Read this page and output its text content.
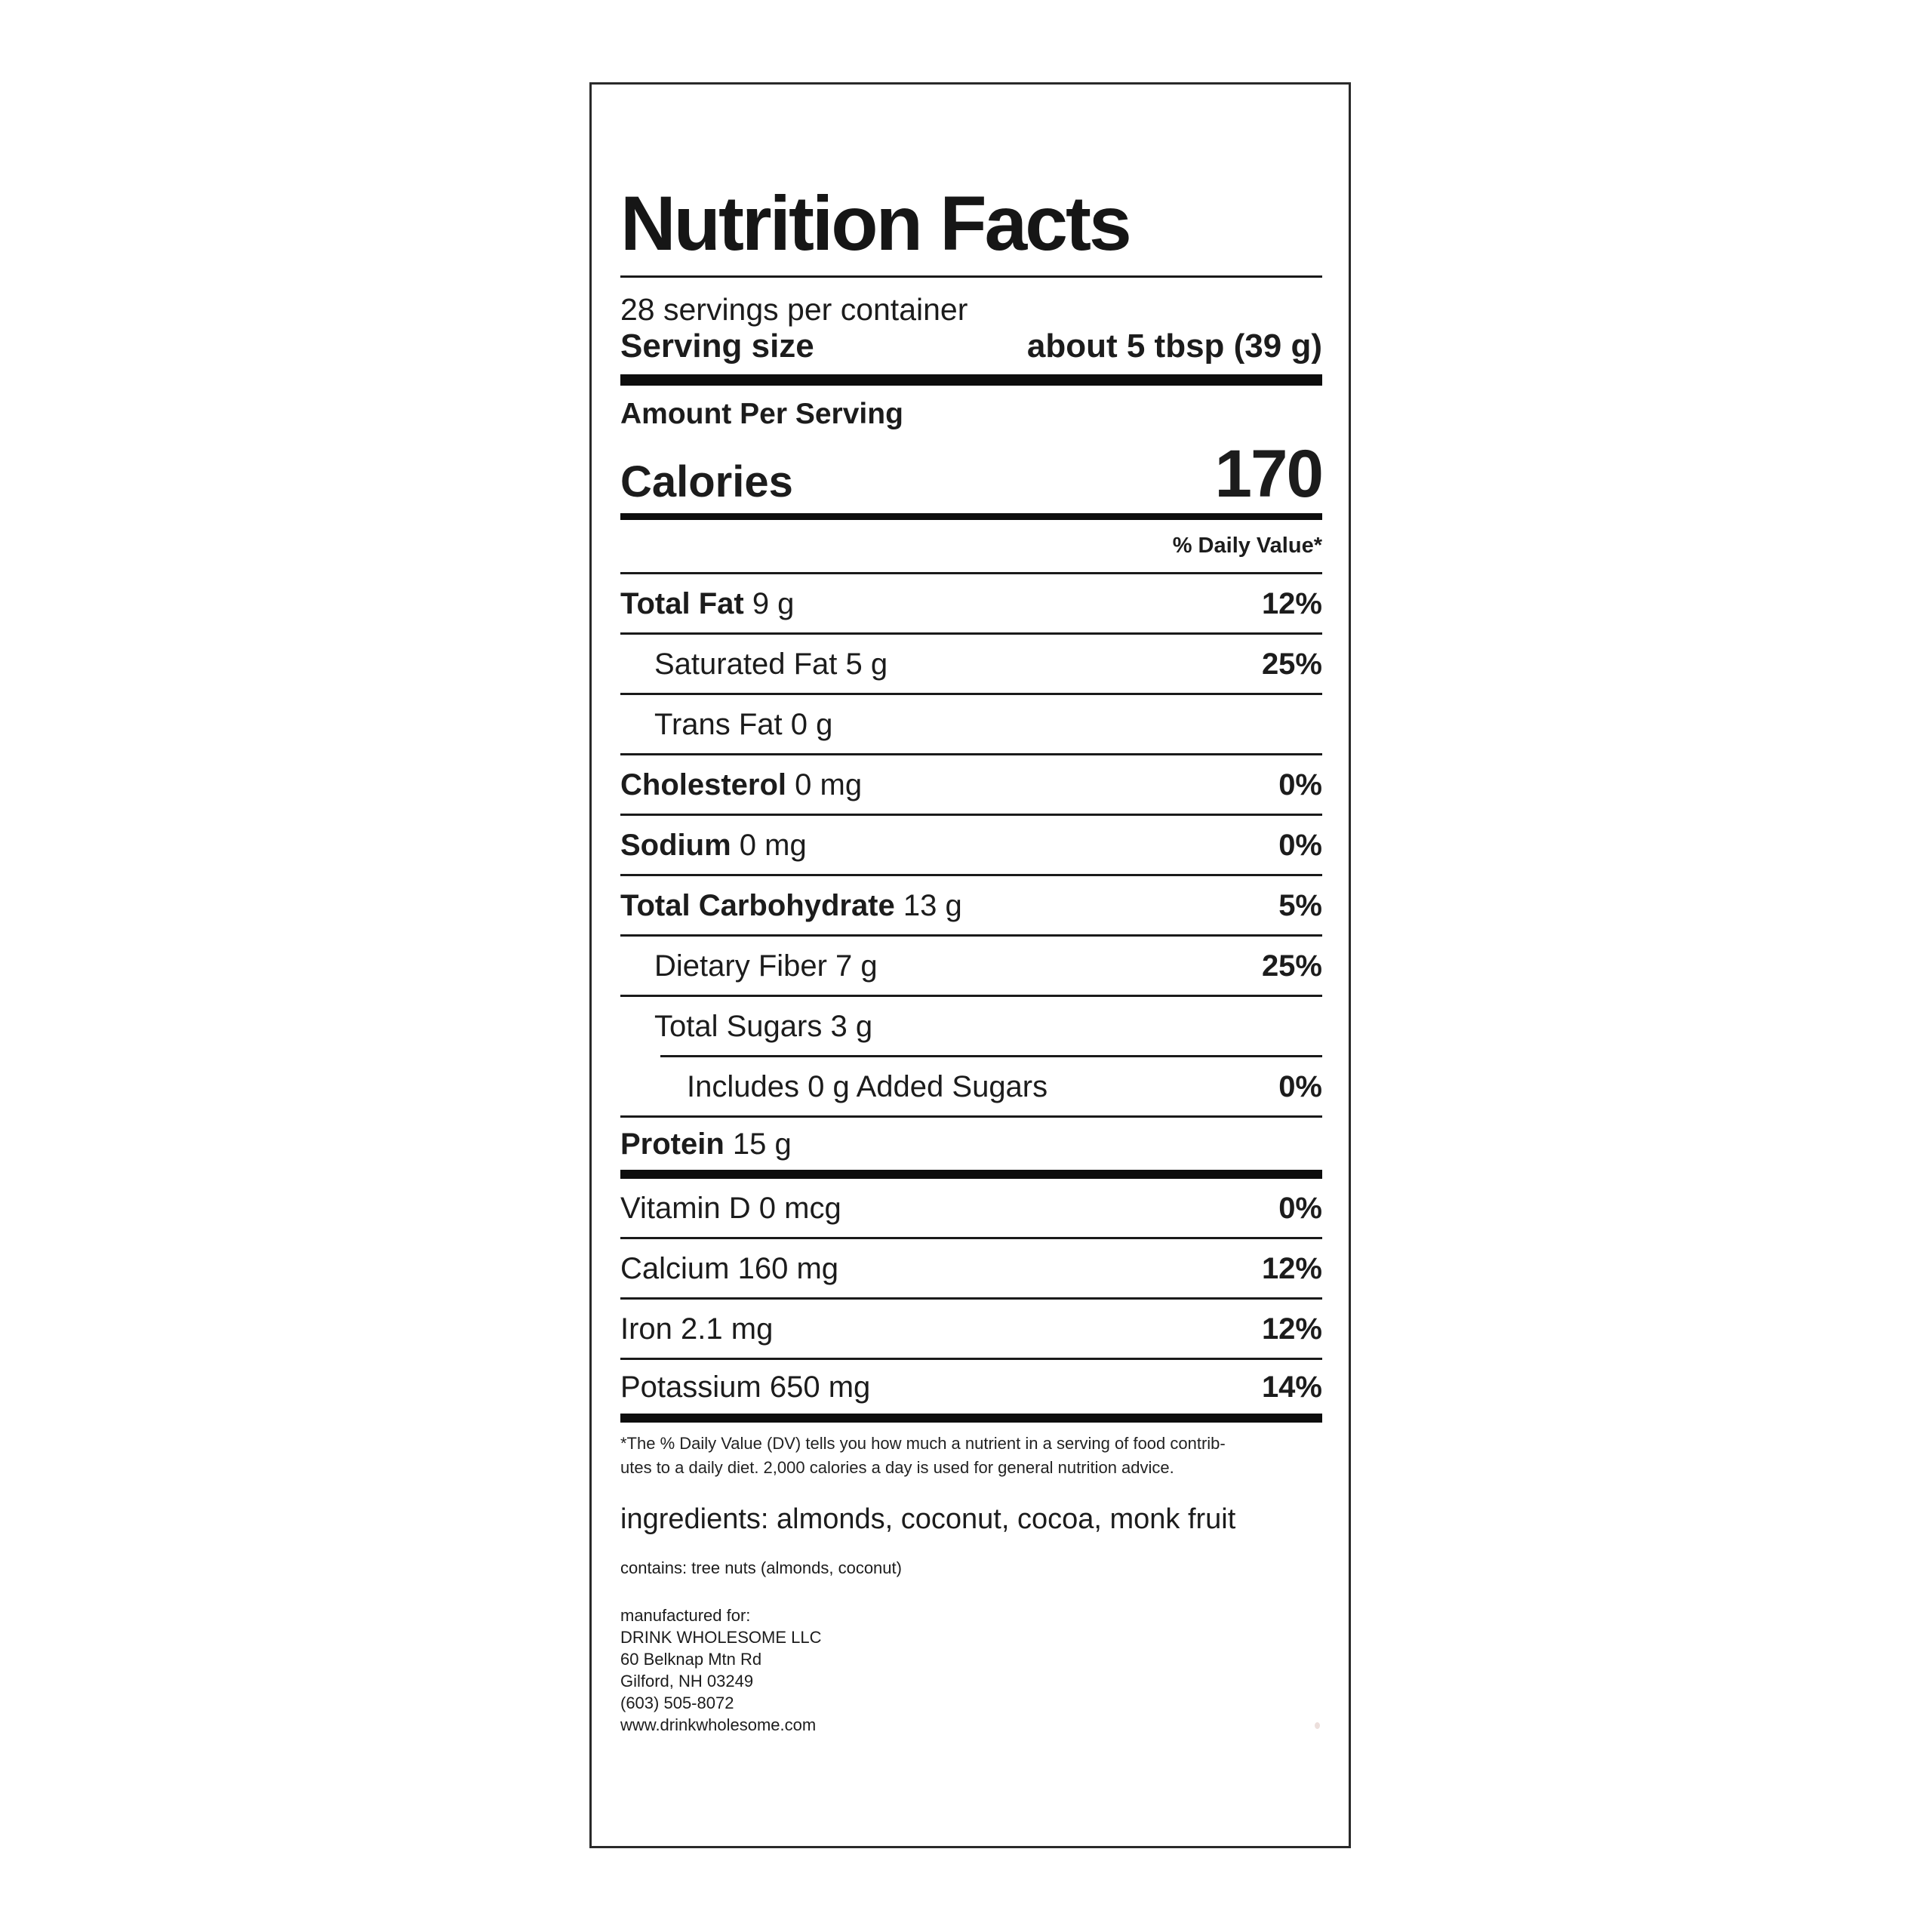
Nutrition Facts
28 servings per container
Serving size	about 5 tbsp (39 g)
Amount Per Serving
Calories	170
% Daily Value*
Total Fat 9 g	12%
Saturated Fat 5 g	25%
Trans Fat 0 g
Cholesterol 0 mg	0%
Sodium 0 mg	0%
Total Carbohydrate 13 g	5%
Dietary Fiber 7 g	25%
Total Sugars 3 g
Includes 0 g Added Sugars	0%
Protein 15 g
Vitamin D 0 mcg	0%
Calcium 160 mg	12%
Iron 2.1 mg	12%
Potassium 650 mg	14%
*The % Daily Value (DV) tells you how much a nutrient in a serving of food contrib-
utes to a daily diet. 2,000 calories a day is used for general nutrition advice.
ingredients: almonds, coconut, cocoa, monk fruit
contains: tree nuts (almonds, coconut)
manufactured for:
DRINK WHOLESOME LLC
60 Belknap Mtn Rd
Gilford, NH 03249
(603) 505-8072
www.drinkwholesome.com
